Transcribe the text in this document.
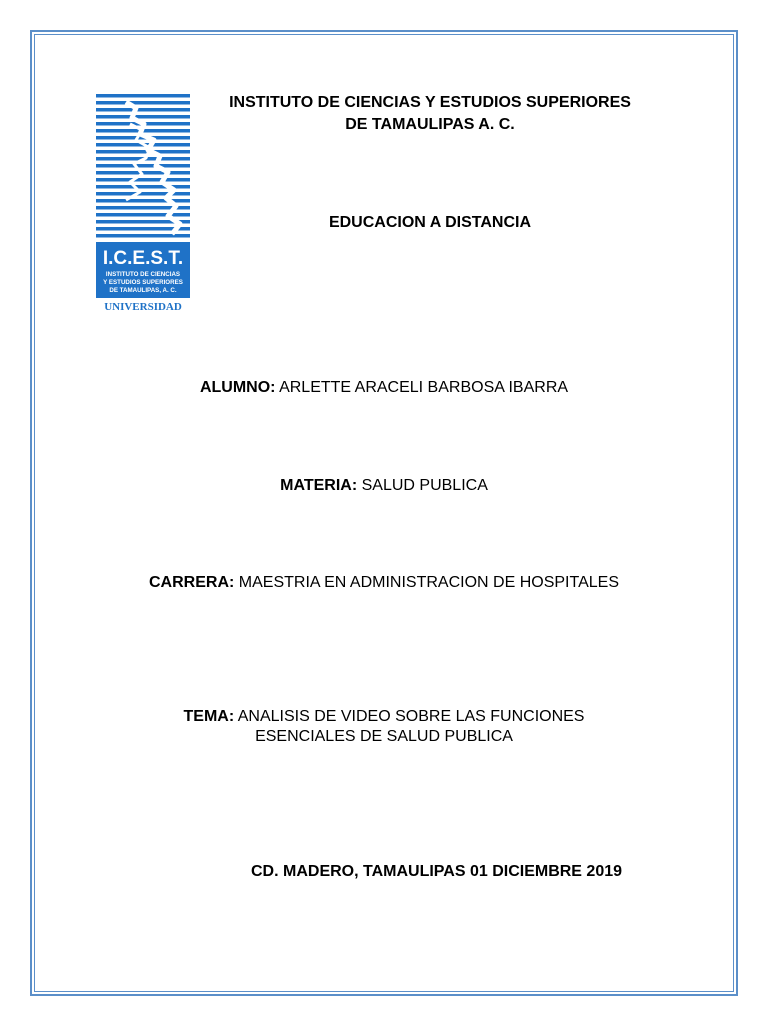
I.C.E.S.T.
INSTITUTO DE CIENCIAS
Y ESTUDIOS SUPERIORES
DE TAMAULIPAS, A. C.
UNIVERSIDAD
INSTITUTO DE CIENCIAS Y ESTUDIOS SUPERIORES
DE TAMAULIPAS A. C.
EDUCACION A DISTANCIA
ALUMNO: ARLETTE ARACELI BARBOSA IBARRA
MATERIA: SALUD PUBLICA
CARRERA: MAESTRIA EN ADMINISTRACION DE HOSPITALES
TEMA: ANALISIS DE VIDEO SOBRE LAS FUNCIONES
ESENCIALES DE SALUD PUBLICA
CD. MADERO, TAMAULIPAS 01 DICIEMBRE 2019
